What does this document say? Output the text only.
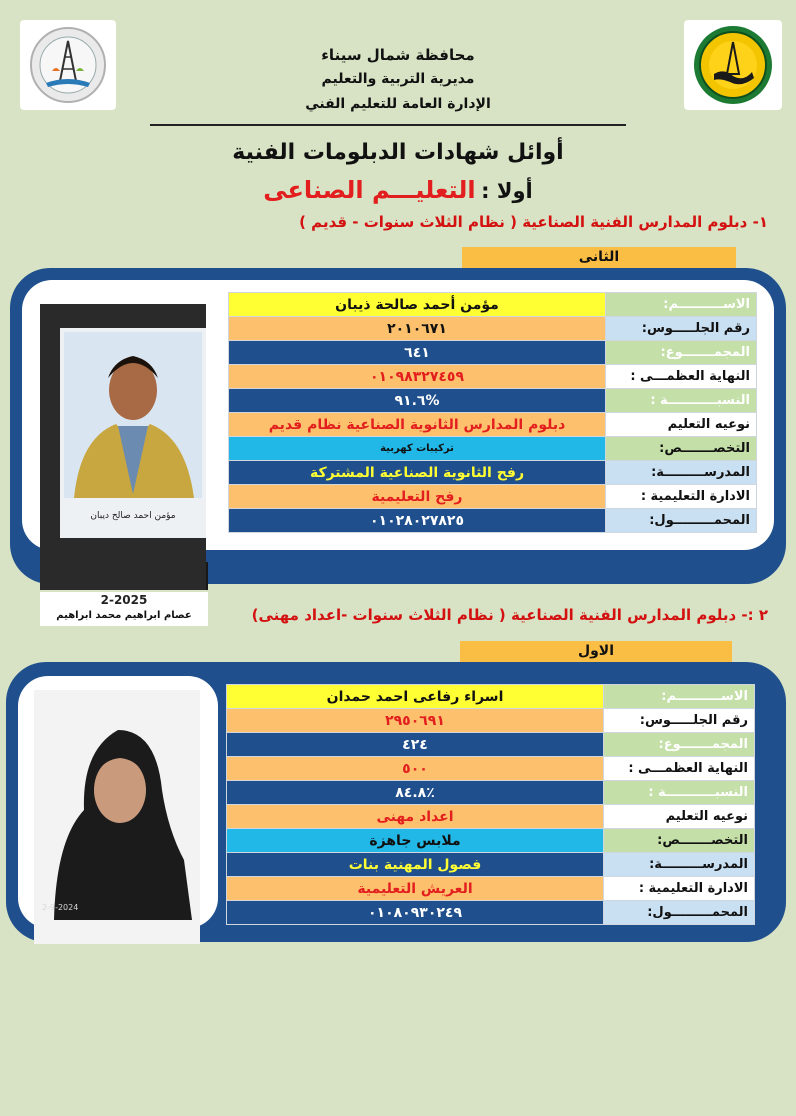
محافظة شمال سيناء
مديرية التربية والتعليم
الإدارة العامة للتعليم الفني
أوائل شهادات الدبلومات الفنية
أولا : التعليـــم الصناعى
١- دبلوم المدارس الفنية الصناعية ( نظام الثلاث سنوات - قديم )
الثانى
مؤمن احمد صالح ديبان
الاســــــــــم:	مؤمن أحمد صالحة ذيبان
رقم الجلـــــوس:	٢٠١٠٦٧١
المجمـــــــوع:	٦٤١
النهاية العظمـــى :	٠١٠٩٨٣٢٧٤٥٩
النسبـــــــــــة :	%٩١.٦
نوعيه التعليم	دبلوم المدارس الثانوية الصناعية نظام قديم
التخصـــــــص:	تركيبات كهربية
المدرســـــــــة:	رفح الثانوية الصناعية المشتركة
الادارة التعليمية :	رفح التعليمية
المحمـــــــــول:	٠١٠٢٨٠٢٧٨٢٥
2-2025
عصام ابراهيم محمد ابراهيم	٢ :- دبلوم المدارس الفنية الصناعية ( نظام الثلاث سنوات -اعداد مهنى)
الاول
2-9-2024
الاســــــــــم:	اسراء رفاعى احمد حمدان
رقم الجلـــــوس:	٢٩٥٠٦٩١
المجمـــــــوع:	٤٢٤
النهاية العظمـــى :	٥٠٠
النسبـــــــــــة :	٪٨٤.٨
نوعيه التعليم	اعداد مهنى
التخصـــــــص:	ملابس جاهزة
المدرســـــــــة:	فصول المهنية بنات
الادارة التعليمية :	العريش التعليمية
المحمـــــــــول:	٠١٠٨٠٩٣٠٢٤٩
